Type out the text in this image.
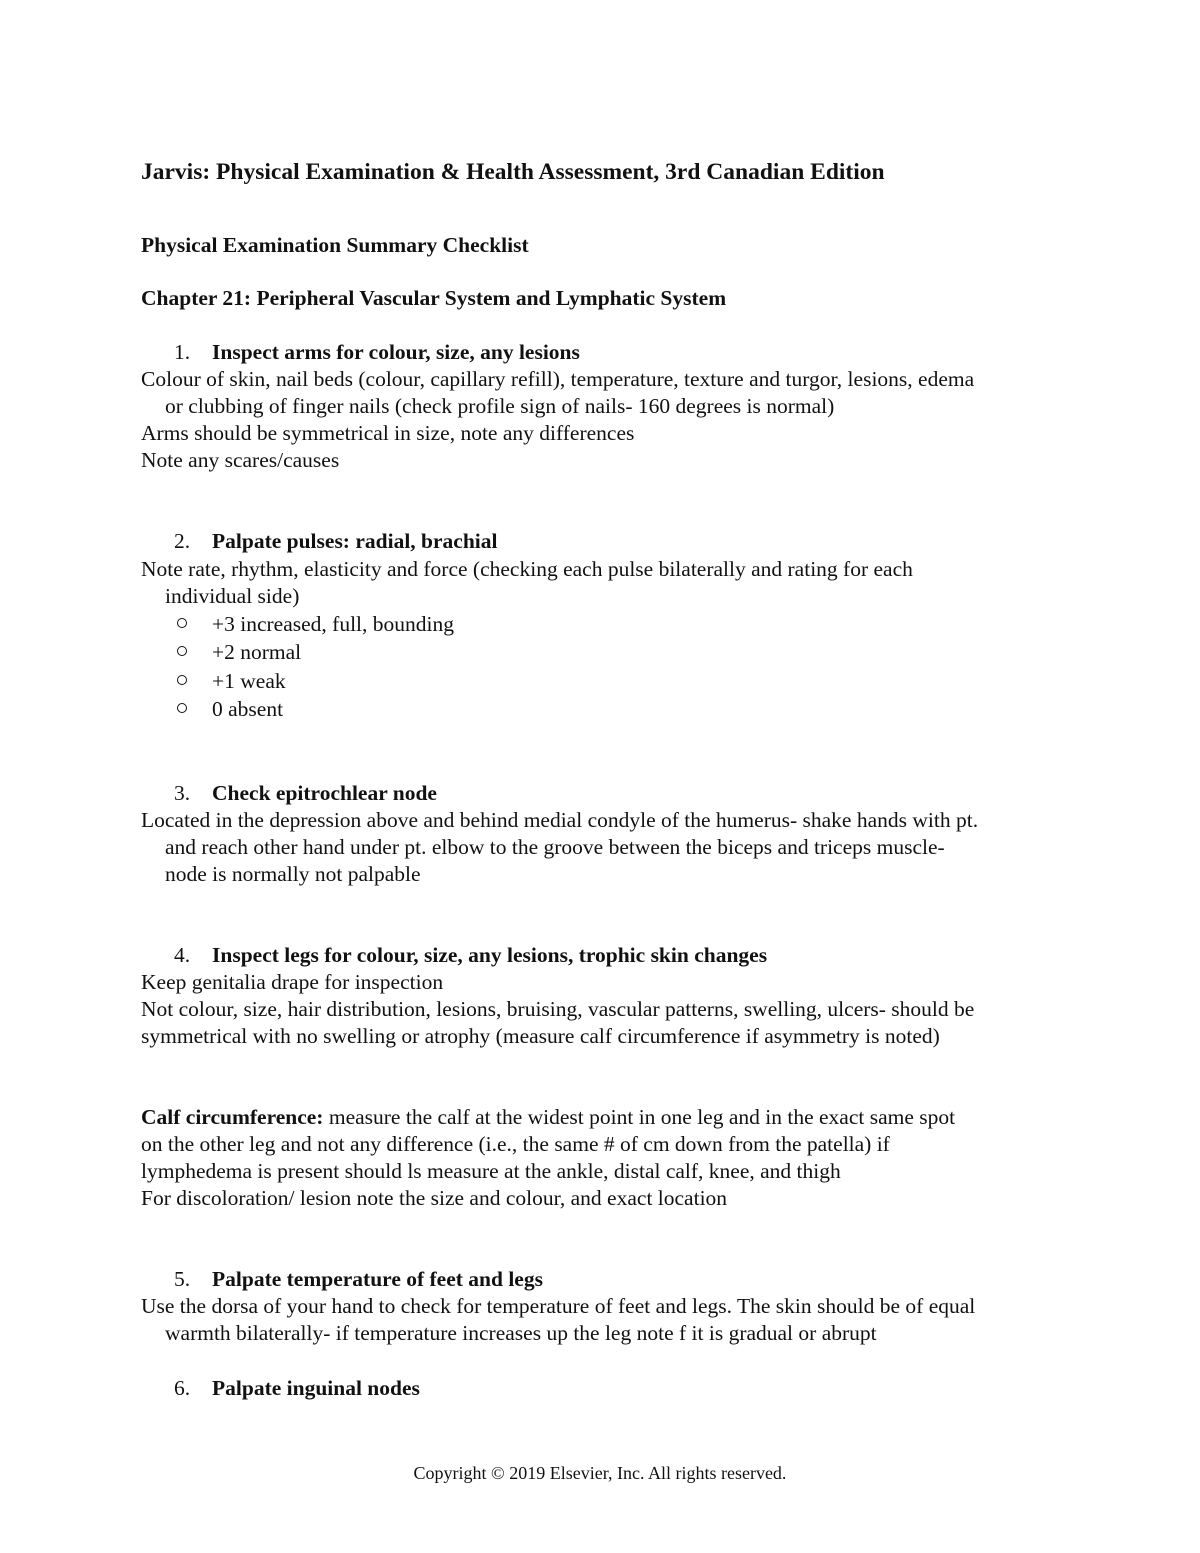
Jarvis: Physical Examination & Health Assessment, 3rd Canadian Edition
Physical Examination Summary Checklist
Chapter 21: Peripheral Vascular System and Lymphatic System
1. Inspect arms for colour, size, any lesions
Colour of skin, nail beds (colour, capillary refill), temperature, texture and turgor, lesions, edema
or clubbing of finger nails (check profile sign of nails- 160 degrees is normal)
Arms should be symmetrical in size, note any differences
Note any scares/causes
2. Palpate pulses: radial, brachial
Note rate, rhythm, elasticity and force (checking each pulse bilaterally and rating for each
individual side)
+3 increased, full, bounding
+2 normal
+1 weak
0 absent
3. Check epitrochlear node
Located in the depression above and behind medial condyle of the humerus- shake hands with pt.
and reach other hand under pt. elbow to the groove between the biceps and triceps muscle-
node is normally not palpable
4. Inspect legs for colour, size, any lesions, trophic skin changes
Keep genitalia drape for inspection
Not colour, size, hair distribution, lesions, bruising, vascular patterns, swelling, ulcers- should be
symmetrical with no swelling or atrophy (measure calf circumference if asymmetry is noted)
Calf circumference: measure the calf at the widest point in one leg and in the exact same spot
on the other leg and not any difference (i.e., the same # of cm down from the patella) if
lymphedema is present should ls measure at the ankle, distal calf, knee, and thigh
For discoloration/ lesion note the size and colour, and exact location
5. Palpate temperature of feet and legs
Use the dorsa of your hand to check for temperature of feet and legs. The skin should be of equal
warmth bilaterally- if temperature increases up the leg note f it is gradual or abrupt
6. Palpate inguinal nodes
Copyright © 2019 Elsevier, Inc. All rights reserved.
